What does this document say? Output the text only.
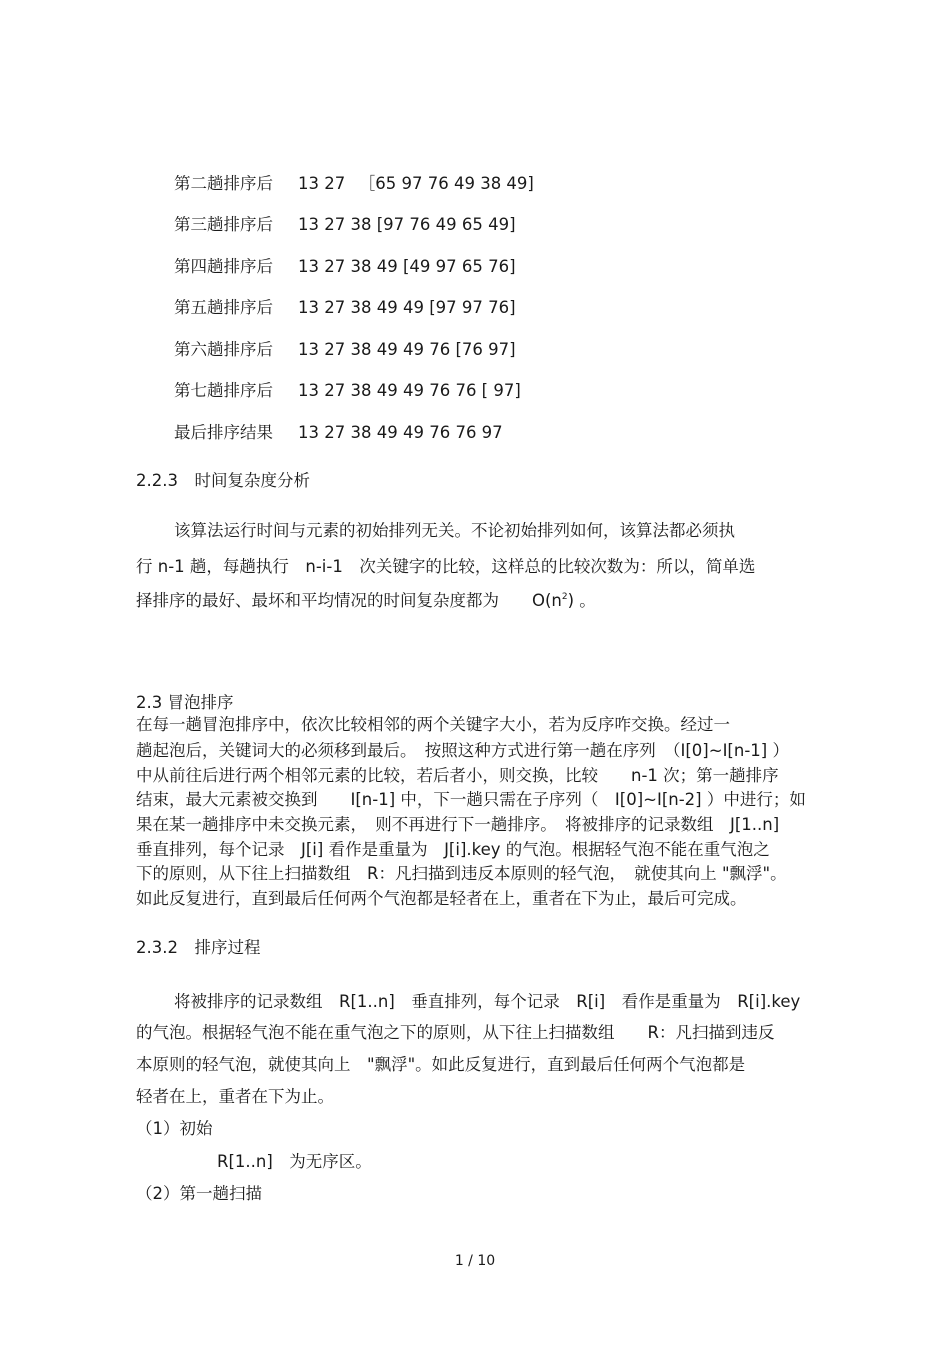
第二趟排序后 13 27 　［65 97 76 49 38 49]
第三趟排序后 13 27 38 [97 76 49 65 49]
第四趟排序后 13 27 38 49 [49 97 65 76]
第五趟排序后 13 27 38 49 49 [97 97 76]
第六趟排序后 13 27 38 49 49 76 [76 97]
第七趟排序后 13 27 38 49 49 76 76 [ 97]
最后排序结果 13 27 38 49 49 76 76 97
2.2.3　时间复杂度分析
该算法运行时间与元素的初始排列无关。不论初始排列如何，该算法都必须执
行 n-1 趟，每趟执行　n-i-1　次关键字的比较，这样总的比较次数为：所以，简单选
择排序的最好、最坏和平均情况的时间复杂度都为　　$O(n^2)$ 。
2.3 冒泡排序
在每一趟冒泡排序中，依次比较相邻的两个关键字大小，若为反序咋交换。经过一
趟起泡后，关键词大的必须移到最后。　按照这种方式进行第一趟在序列　（I[0]~I[n-1] ）
中从前往后进行两个相邻元素的比较，若后者小，则交换，比较　　n-1 次；第一趟排序
结束，最大元素被交换到　　I[n-1] 中，下一趟只需在子序列（　I[0]~I[n-2] ）中进行；如
果在某一趟排序中未交换元素，　则不再进行下一趟排序。　将被排序的记录数组　J[1..n]
垂直排列，每个记录　J[i] 看作是重量为　J[i].key 的气泡。根据轻气泡不能在重气泡之
下的原则，从下往上扫描数组　R：凡扫描到违反本原则的轻气泡，　就使其向上 "飘浮"。
如此反复进行，直到最后任何两个气泡都是轻者在上，重者在下为止，最后可完成。
2.3.2　排序过程
将被排序的记录数组　R[1..n]　垂直排列，每个记录　R[i]　看作是重量为　R[i].key
的气泡。根据轻气泡不能在重气泡之下的原则，从下往上扫描数组　　R：凡扫描到违反
本原则的轻气泡，就使其向上　"飘浮"。如此反复进行，直到最后任何两个气泡都是
轻者在上，重者在下为止。
（1）初始
R[1..n]　为无序区。
（2）第一趟扫描
1 / 10
